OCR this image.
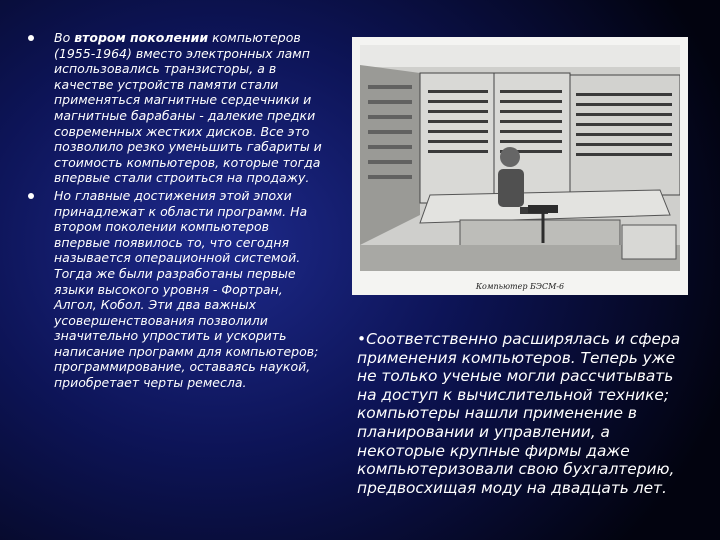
Во втором поколении компьютеров (1955-1964) вместо электронных ламп использовались транзисторы, а в качестве устройств памяти стали применяться магнитные сердечники и магнитные барабаны - далекие предки современных жестких дисков. Все это позволило резко уменьшить габариты и стоимость компьютеров, которые тогда впервые стали строиться на продажу.
Но главные достижения этой эпохи принадлежат к области программ. На втором поколении компьютеров впервые появилось то, что сегодня называется операционной системой. Тогда же были разработаны первые языки высокого уровня - Фортран, Алгол, Кобол. Эти два важных усовершенствования позволили значительно упростить и ускорить написание программ для компьютеров; программирование, оставаясь наукой, приобретает черты ремесла.
Компьютер БЭСМ-6
•Соответственно расширялась и сфера применения компьютеров. Теперь уже не только ученые могли рассчитывать на доступ к вычислительной технике; компьютеры нашли применение в планировании и управлении, а некоторые крупные фирмы даже компьютеризовали свою бухгалтерию, предвосхищая моду на двадцать лет.
